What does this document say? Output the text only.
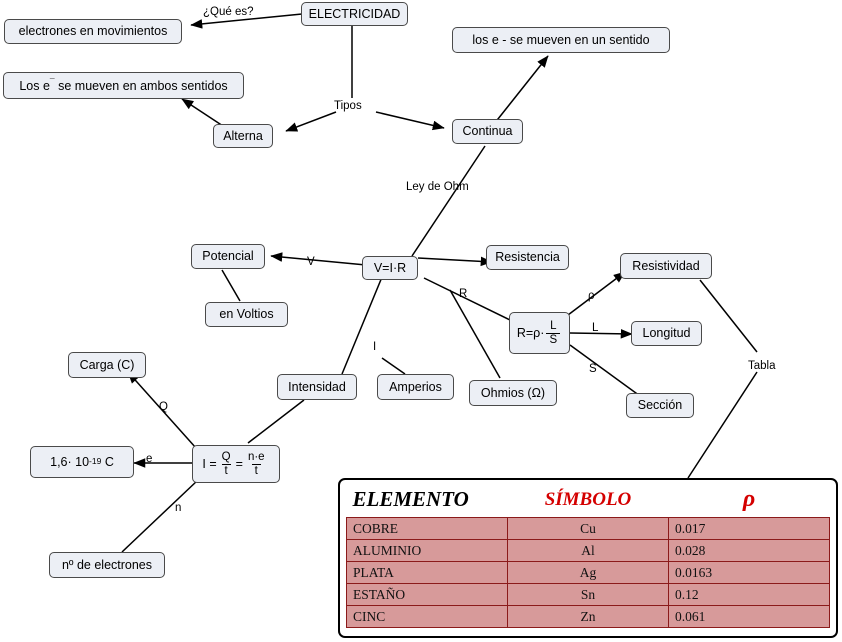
ELECTRICIDAD
electrones en movimientos
los e - se mueven en un sentido
Los e¯ se mueven en ambos sentidos
Alterna	Continua
Potencial
en Voltios
V=I·R
Resistencia
Resistividad
Longitud
Sección
Ohmios (Ω)
Intensidad	Amperios
Carga (C)
1,6· 10 -19
C
nº de electrones
$R=\rho\cdot \frac{L}{S}$
$I = \frac{Q}{t} = \frac{n\cdot e}{t}$
¿Qué es?
Tipos
Ley de Ohm
V
R
I
ρ
L
S
Q
e
n
Tabla
ELEMENTO	SÍMBOLO	ρ
COBRE	Cu	0.017
ALUMINIO	Al	0.028
PLATA	Ag	0.0163
ESTAÑO	Sn	0.12
CINC	Zn	0.061
